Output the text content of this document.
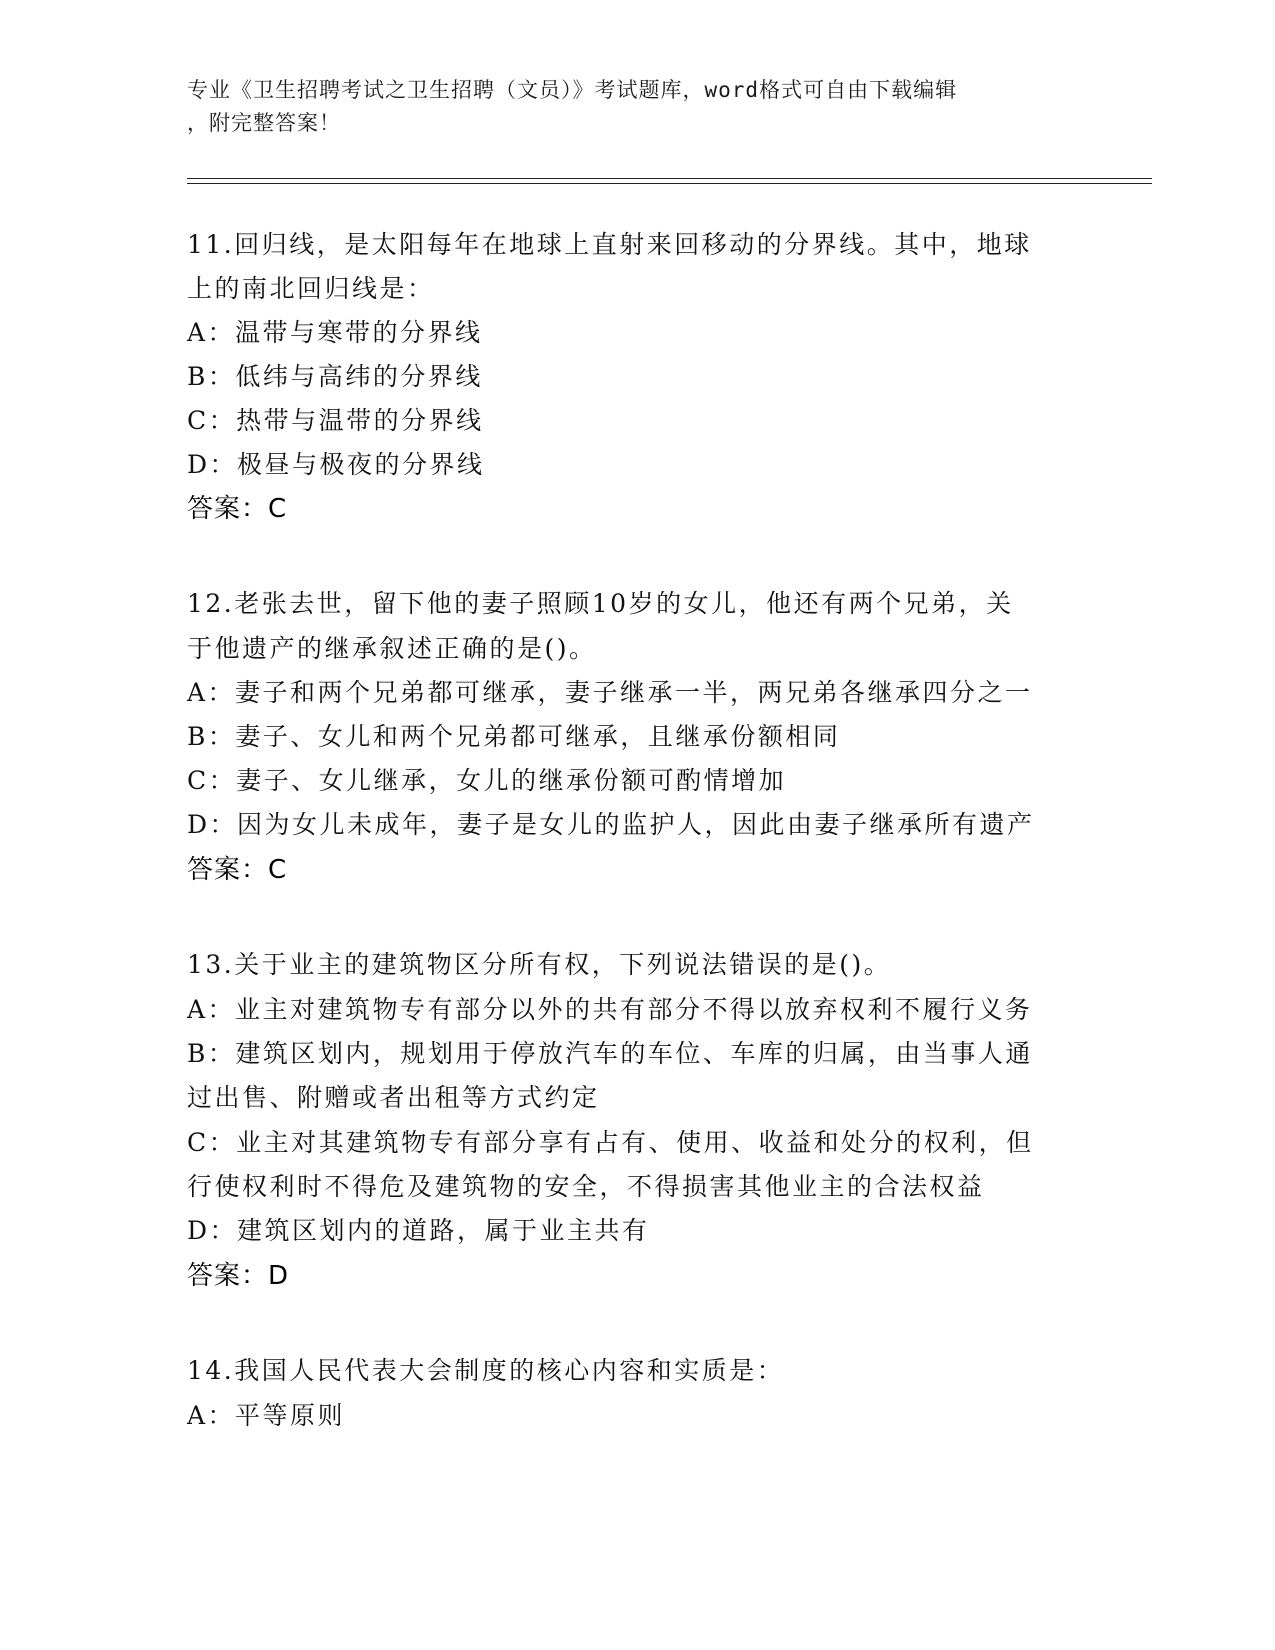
专业《卫生招聘考试之卫生招聘（文员）》考试题库，word格式可自由下载编辑
，附完整答案！
11.回归线，是太阳每年在地球上直射来回移动的分界线。其中，地球
上的南北回归线是：
A：温带与寒带的分界线
B：低纬与高纬的分界线
C：热带与温带的分界线
D：极昼与极夜的分界线
答案：C
12.老张去世，留下他的妻子照顾10岁的女儿，他还有两个兄弟，关
于他遗产的继承叙述正确的是()。
A：妻子和两个兄弟都可继承，妻子继承一半，两兄弟各继承四分之一
B：妻子、女儿和两个兄弟都可继承，且继承份额相同
C：妻子、女儿继承，女儿的继承份额可酌情增加
D：因为女儿未成年，妻子是女儿的监护人，因此由妻子继承所有遗产
答案：C
13.关于业主的建筑物区分所有权，下列说法错误的是()。
A：业主对建筑物专有部分以外的共有部分不得以放弃权利不履行义务
B：建筑区划内，规划用于停放汽车的车位、车库的归属，由当事人通
过出售、附赠或者出租等方式约定
C：业主对其建筑物专有部分享有占有、使用、收益和处分的权利，但
行使权利时不得危及建筑物的安全，不得损害其他业主的合法权益
D：建筑区划内的道路，属于业主共有
答案：D
14.我国人民代表大会制度的核心内容和实质是：
A：平等原则
